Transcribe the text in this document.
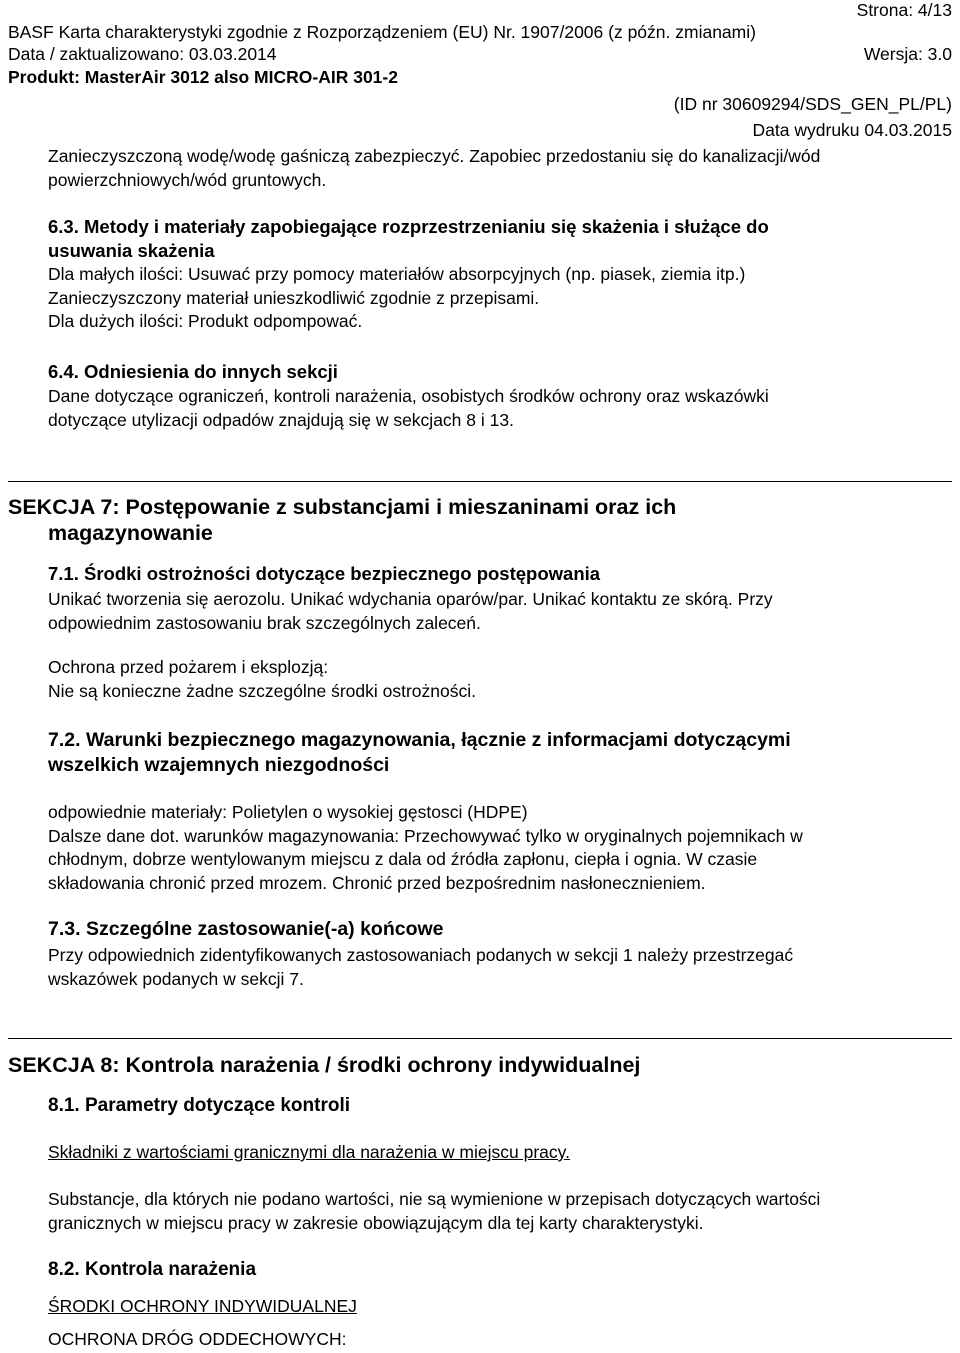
Strona: 4/13
BASF Karta charakterystyki zgodnie z Rozporządzeniem (EU) Nr. 1907/2006 (z późn. zmianami)
Data / zaktualizowano: 03.03.2014	Wersja: 3.0
Produkt: MasterAir 3012 also MICRO-AIR 301-2
(ID nr 30609294/SDS_GEN_PL/PL)
Data wydruku 04.03.2015
Zanieczyszczoną wodę/wodę gaśniczą zabezpieczyć. Zapobiec przedostaniu się do kanalizacji/wód
powierzchniowych/wód gruntowych.
6.3. Metody i materiały zapobiegające rozprzestrzenianiu się skażenia i służące do
usuwania skażenia
Dla małych ilości: Usuwać przy pomocy materiałów absorpcyjnych (np. piasek, ziemia itp.)
Zanieczyszczony materiał unieszkodliwić zgodnie z przepisami.
Dla dużych ilości: Produkt odpompować.
6.4. Odniesienia do innych sekcji
Dane dotyczące ograniczeń, kontroli narażenia, osobistych środków ochrony oraz wskazówki
dotyczące utylizacji odpadów znajdują się w sekcjach 8 i 13.
SEKCJA 7: Postępowanie z substancjami i mieszaninami oraz ich
magazynowanie
7.1. Środki ostrożności dotyczące bezpiecznego postępowania
Unikać tworzenia się aerozolu. Unikać wdychania oparów/par. Unikać kontaktu ze skórą. Przy
odpowiednim zastosowaniu brak szczególnych zaleceń.
Ochrona przed pożarem i eksplozją:
Nie są konieczne żadne szczególne środki ostrożności.
7.2. Warunki bezpiecznego magazynowania, łącznie z informacjami dotyczącymi
wszelkich wzajemnych niezgodności
odpowiednie materiały: Polietylen o wysokiej gęstosci (HDPE)
Dalsze dane dot. warunków magazynowania: Przechowywać tylko w oryginalnych pojemnikach w
chłodnym, dobrze wentylowanym miejscu z dala od źródła zapłonu, ciepła i ognia. W czasie
składowania chronić przed mrozem. Chronić przed bezpośrednim nasłonecznieniem.
7.3. Szczególne zastosowanie(-a) końcowe
Przy odpowiednich zidentyfikowanych zastosowaniach podanych w sekcji 1 należy przestrzegać
wskazówek podanych w sekcji 7.
SEKCJA 8: Kontrola narażenia / środki ochrony indywidualnej
8.1. Parametry dotyczące kontroli
Składniki z wartościami granicznymi dla narażenia w miejscu pracy.
Substancje, dla których nie podano wartości, nie są wymienione w przepisach dotyczących wartości
granicznych w miejscu pracy w zakresie obowiązującym dla tej karty charakterystyki.
8.2. Kontrola narażenia
ŚRODKI OCHRONY INDYWIDUALNEJ
OCHRONA DRÓG ODDECHOWYCH:
